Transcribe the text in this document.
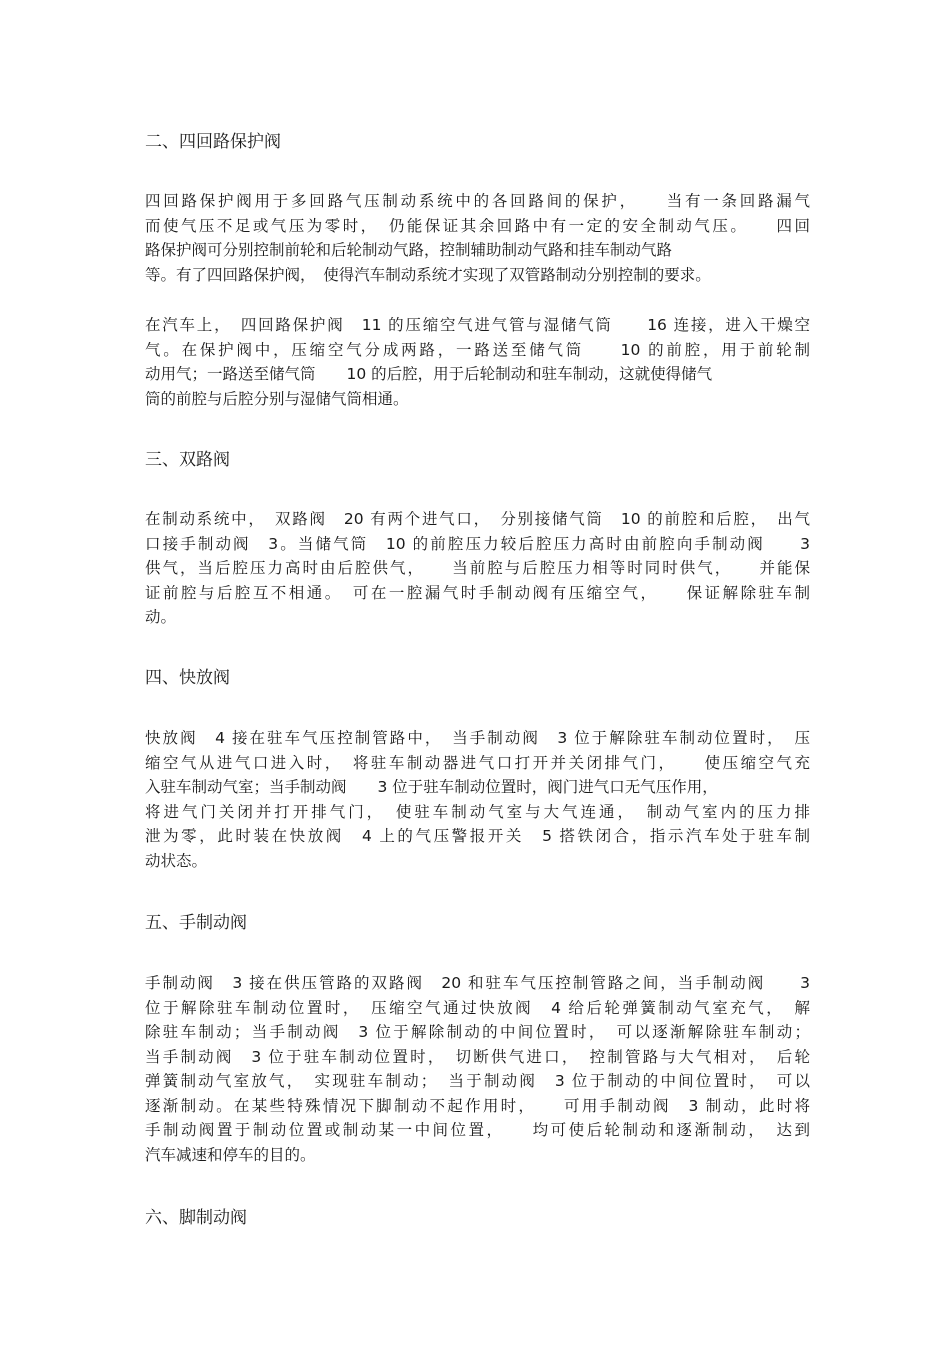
二、四回路保护阀
四回路保护阀用于多回路气压制动系统中的各回路间的保护，　　当有一条回路漏气
而使气压不足或气压为零时，　仍能保证其余回路中有一定的安全制动气压。　　四回
路保护阀可分别控制前轮和后轮制动气路，控制辅助制动气路和挂车制动气路
等。有了四回路保护阀，　使得汽车制动系统才实现了双管路制动分别控制的要求。
在汽车上，　四回路保护阀　11 的压缩空气进气管与湿储气筒　　16 连接，进入干燥空
气。在保护阀中，压缩空气分成两路，一路送至储气筒　　10 的前腔，用于前轮制
动用气；一路送至储气筒　　10 的后腔，用于后轮制动和驻车制动，这就使得储气
筒的前腔与后腔分别与湿储气筒相通。
三、双路阀
在制动系统中，　双路阀　20 有两个进气口，　分别接储气筒　10 的前腔和后腔，　出气
口接手制动阀　3。当储气筒　10 的前腔压力较后腔压力高时由前腔向手制动阀　　3
供气，当后腔压力高时由后腔供气，　　当前腔与后腔压力相等时同时供气，　　并能保
证前腔与后腔互不相通。　可在一腔漏气时手制动阀有压缩空气，　　保证解除驻车制
动。
四、快放阀
快放阀　4 接在驻车气压控制管路中，　当手制动阀　3 位于解除驻车制动位置时，　压
缩空气从进气口进入时，　将驻车制动器进气口打开并关闭排气门，　　使压缩空气充
入驻车制动气室；当手制动阀　　3 位于驻车制动位置时，阀门进气口无气压作用，
将进气门关闭并打开排气门，　使驻车制动气室与大气连通，　制动气室内的压力排
泄为零，此时装在快放阀　4 上的气压警报开关　5 搭铁闭合，指示汽车处于驻车制
动状态。
五、手制动阀
手制动阀　3 接在供压管路的双路阀　20 和驻车气压控制管路之间，当手制动阀　　3
位于解除驻车制动位置时，　压缩空气通过快放阀　4 给后轮弹簧制动气室充气，　解
除驻车制动；当手制动阀　3 位于解除制动的中间位置时，　可以逐渐解除驻车制动；
当手制动阀　3 位于驻车制动位置时，　切断供气进口，　控制管路与大气相对，　后轮
弹簧制动气室放气，　实现驻车制动；　当于制动阀　3 位于制动的中间位置时，　可以
逐渐制动。在某些特殊情况下脚制动不起作用时，　　可用手制动阀　3 制动，此时将
手制动阀置于制动位置或制动某一中间位置，　　均可使后轮制动和逐渐制动，　达到
汽车减速和停车的目的。
六、脚制动阀
